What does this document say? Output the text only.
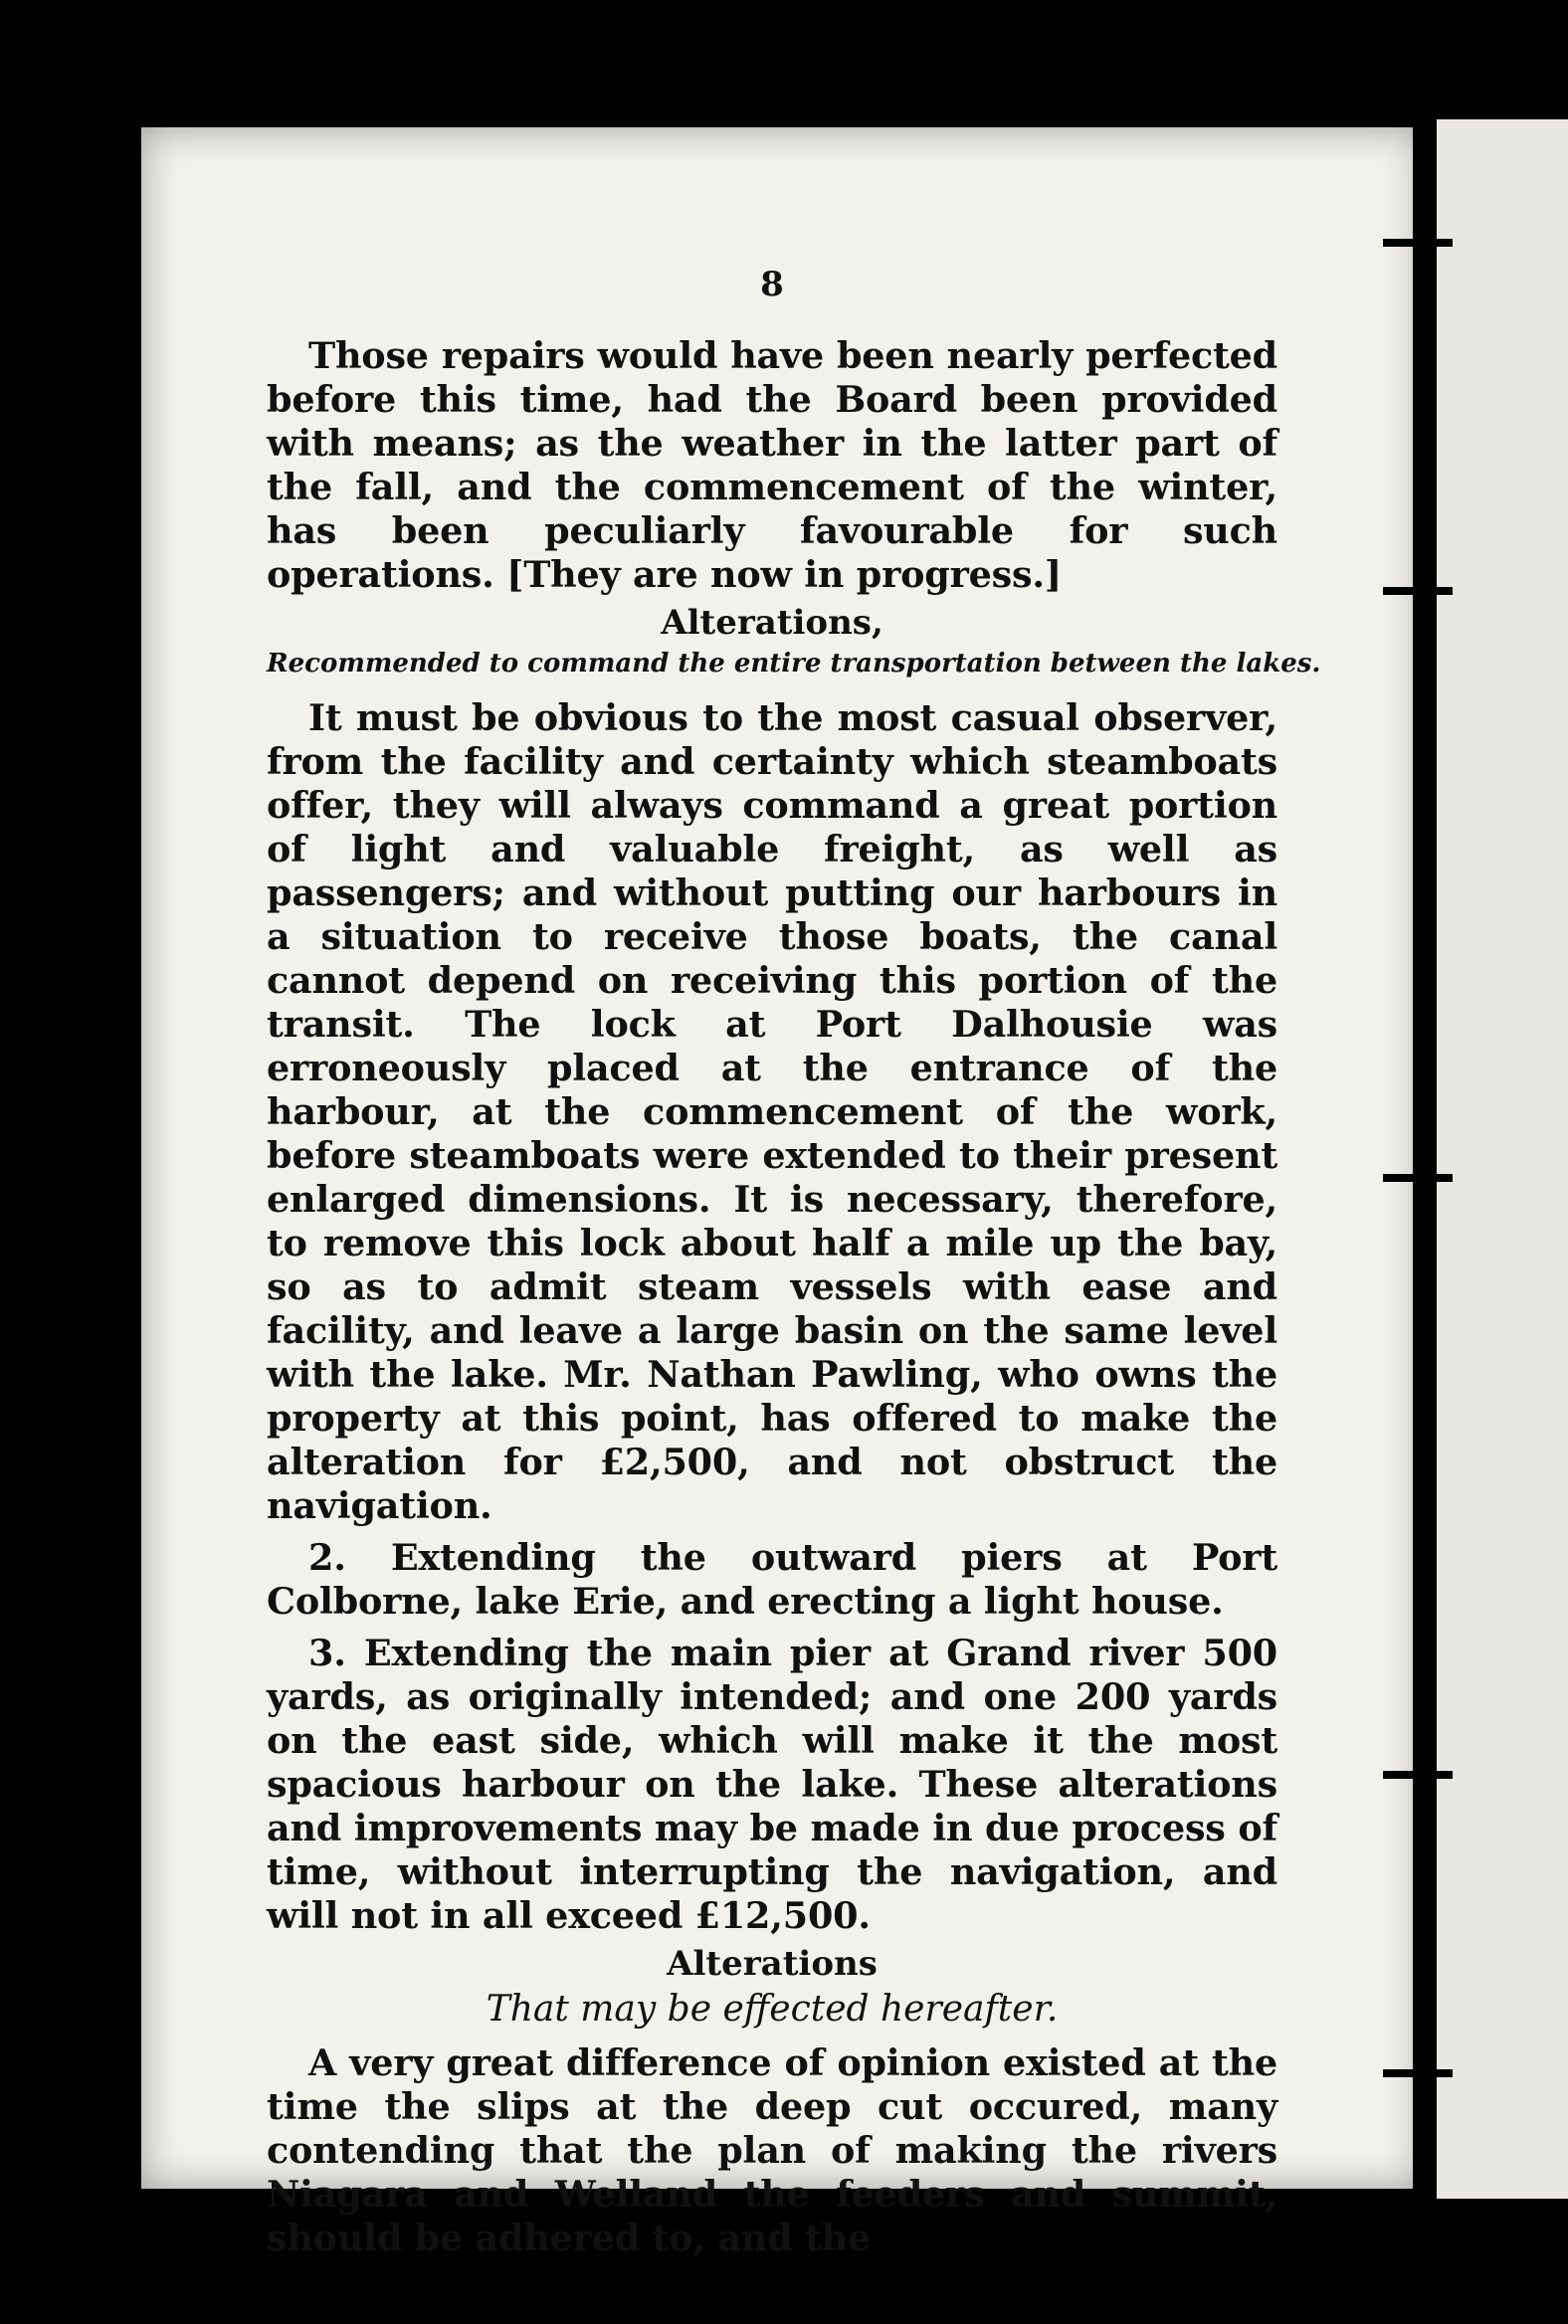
8

Those repairs would have been nearly perfected before this time, had the Board been provided with means; as the weather in the latter part of the fall, and the commencement of the winter, has been peculiarly favourable for such operations. [They are now in progress.]

Alterations,
Recommended to command the entire transportation between the lakes.

It must be obvious to the most casual observer, from the facility and certainty which steamboats offer, they will always command a great portion of light and valuable freight, as well as passengers; and without putting our harbours in a situation to receive those boats, the canal cannot depend on receiving this portion of the transit. The lock at Port Dalhousie was erroneously placed at the entrance of the harbour, at the commencement of the work, before steamboats were extended to their present enlarged dimensions. It is necessary, therefore, to remove this lock about half a mile up the bay, so as to admit steam vessels with ease and facility, and leave a large basin on the same level with the lake. Mr. Nathan Pawling, who owns the property at this point, has offered to make the alteration for £2,500, and not obstruct the navigation.

2. Extending the outward piers at Port Colborne, lake Erie, and erecting a light house.

3. Extending the main pier at Grand river 500 yards, as originally intended; and one 200 yards on the east side, which will make it the most spacious harbour on the lake. These alterations and improvements may be made in due process of time, without interrupting the navigation, and will not in all exceed £12,500.

Alterations
That may be effected hereafter.

A very great difference of opinion existed at the time the slips at the deep cut occured, many contending that the plan of making the rivers Niagara and Welland the feeders and summit, should be adhered to, and the
